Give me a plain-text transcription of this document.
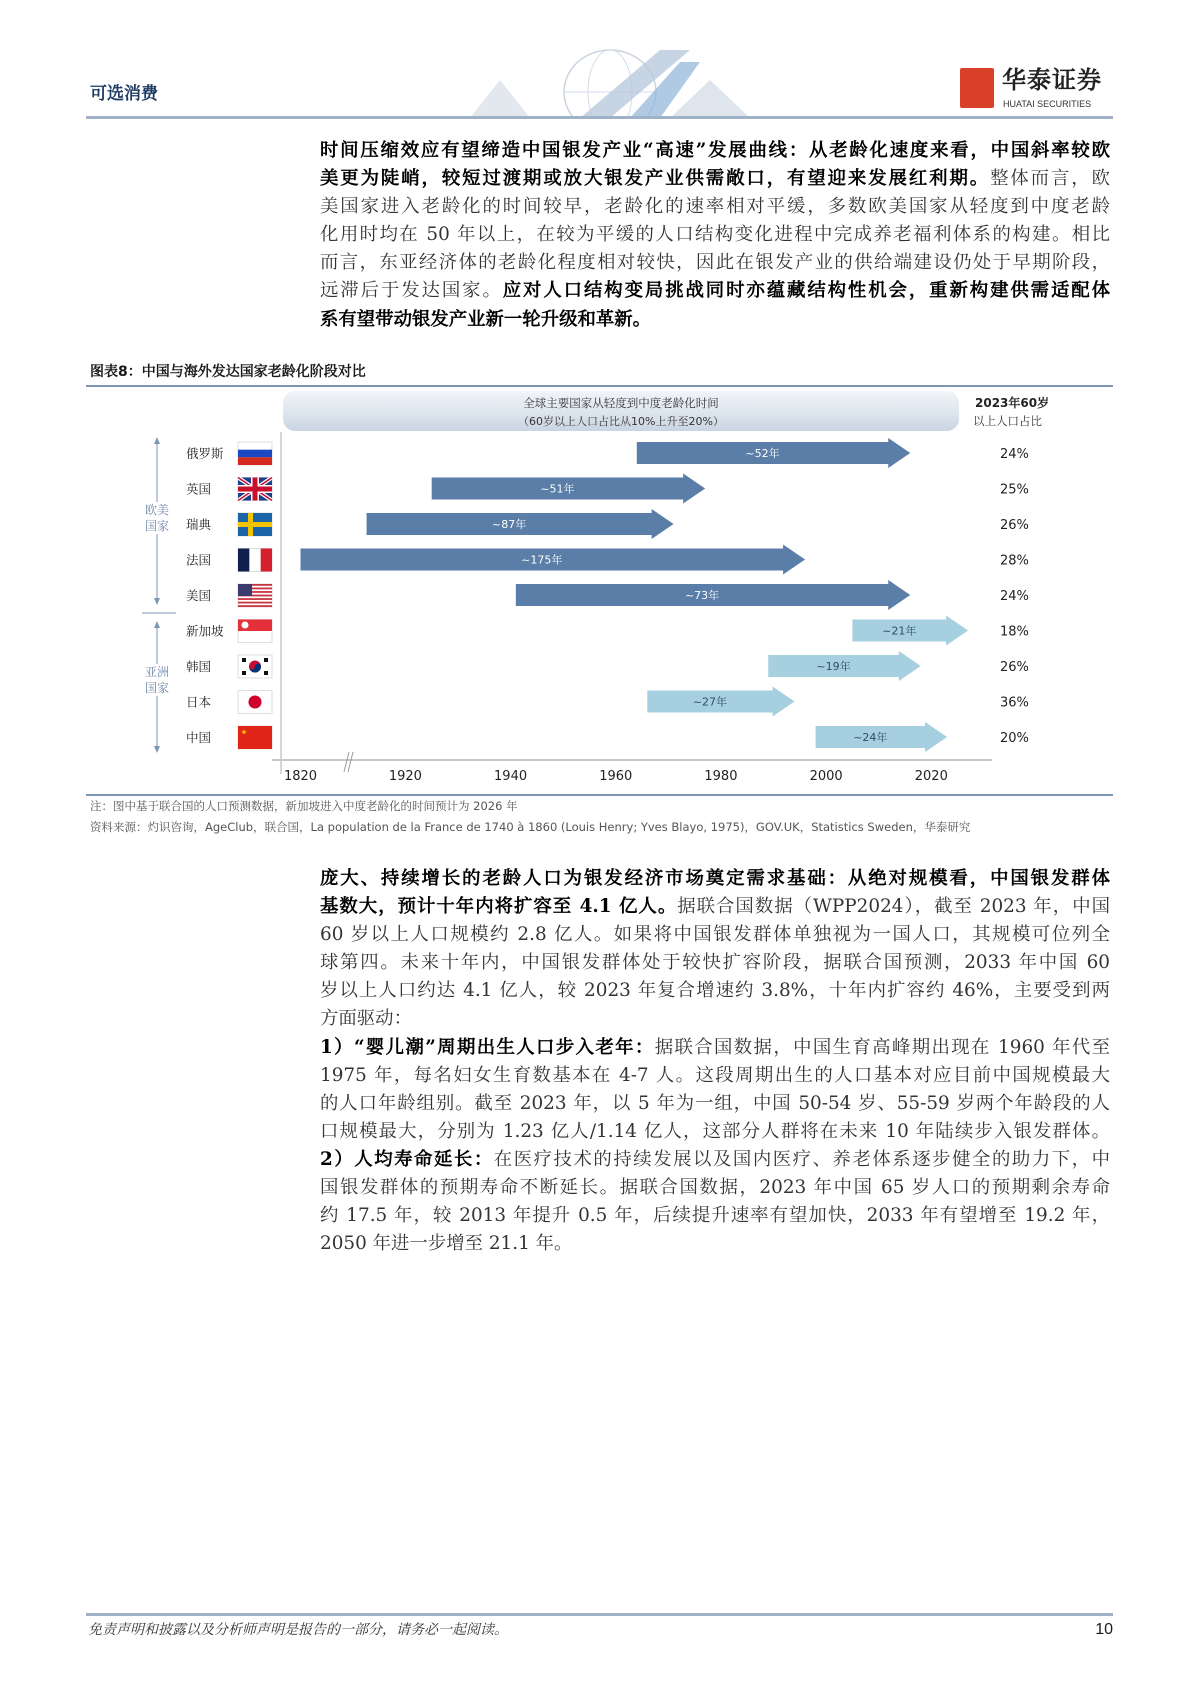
可选消费	华泰证券
HUATAI SECURITIES
时间压缩效应有望缔造中国银发产业“高速”发展曲线：从老龄化速度来看，中国斜率较欧
美更为陡峭，较短过渡期或放大银发产业供需敞口，有望迎来发展红利期。整体而言，欧
美国家进入老龄化的时间较早，老龄化的速率相对平缓，多数欧美国家从轻度到中度老龄
化用时均在 50 年以上，在较为平缓的人口结构变化进程中完成养老福利体系的构建。相比
而言，东亚经济体的老龄化程度相对较快，因此在银发产业的供给端建设仍处于早期阶段，
远滞后于发达国家。应对人口结构变局挑战同时亦蕴藏结构性机会，重新构建供需适配体
系有望带动银发产业新一轮升级和革新。
图表8：中国与海外发达国家老龄化阶段对比
全球主要国家从轻度到中度老龄化时间
（60岁以上人口占比从10%上升至20%）
2023年60岁
以上人口占比
俄罗斯	~52年	24%
英国	~51年	25%
瑞典	~87年	26%
法国	~175年	28%
美国	~73年	24%
新加坡	~21年	18%
韩国	~19年	26%
日本	~27年	36%
中国	~24年	20%
1820	1920	1940	1960	1980	2000	2020
欧美国家
亚洲国家
注：图中基于联合国的人口预测数据，新加坡进入中度老龄化的时间预计为 2026 年
资料来源：灼识咨询，AgeClub，联合国，La population de la France de 1740 à 1860 (Louis Henry; Yves Blayo, 1975)，GOV.UK，Statistics Sweden，华泰研究
庞大、持续增长的老龄人口为银发经济市场奠定需求基础：从绝对规模看，中国银发群体
基数大，预计十年内将扩容至 4.1 亿人。据联合国数据（WPP2024），截至 2023 年，中国
60 岁以上人口规模约 2.8 亿人。如果将中国银发群体单独视为一国人口，其规模可位列全
球第四。未来十年内，中国银发群体处于较快扩容阶段，据联合国预测，2033 年中国 60
岁以上人口约达 4.1 亿人，较 2023 年复合增速约 3.8%，十年内扩容约 46%，主要受到两
方面驱动：
1）“婴儿潮”周期出生人口步入老年：据联合国数据，中国生育高峰期出现在 1960 年代至
1975 年，每名妇女生育数基本在 4-7 人。这段周期出生的人口基本对应目前中国规模最大
的人口年龄组别。截至 2023 年，以 5 年为一组，中国 50-54 岁、55-59 岁两个年龄段的人
口规模最大，分别为 1.23 亿人/1.14 亿人，这部分人群将在未来 10 年陆续步入银发群体。
2）人均寿命延长：在医疗技术的持续发展以及国内医疗、养老体系逐步健全的助力下，中
国银发群体的预期寿命不断延长。据联合国数据，2023 年中国 65 岁人口的预期剩余寿命
约 17.5 年，较 2013 年提升 0.5 年，后续提升速率有望加快，2033 年有望增至 19.2 年，
2050 年进一步增至 21.1 年。
免责声明和披露以及分析师声明是报告的一部分，请务必一起阅读。	10
